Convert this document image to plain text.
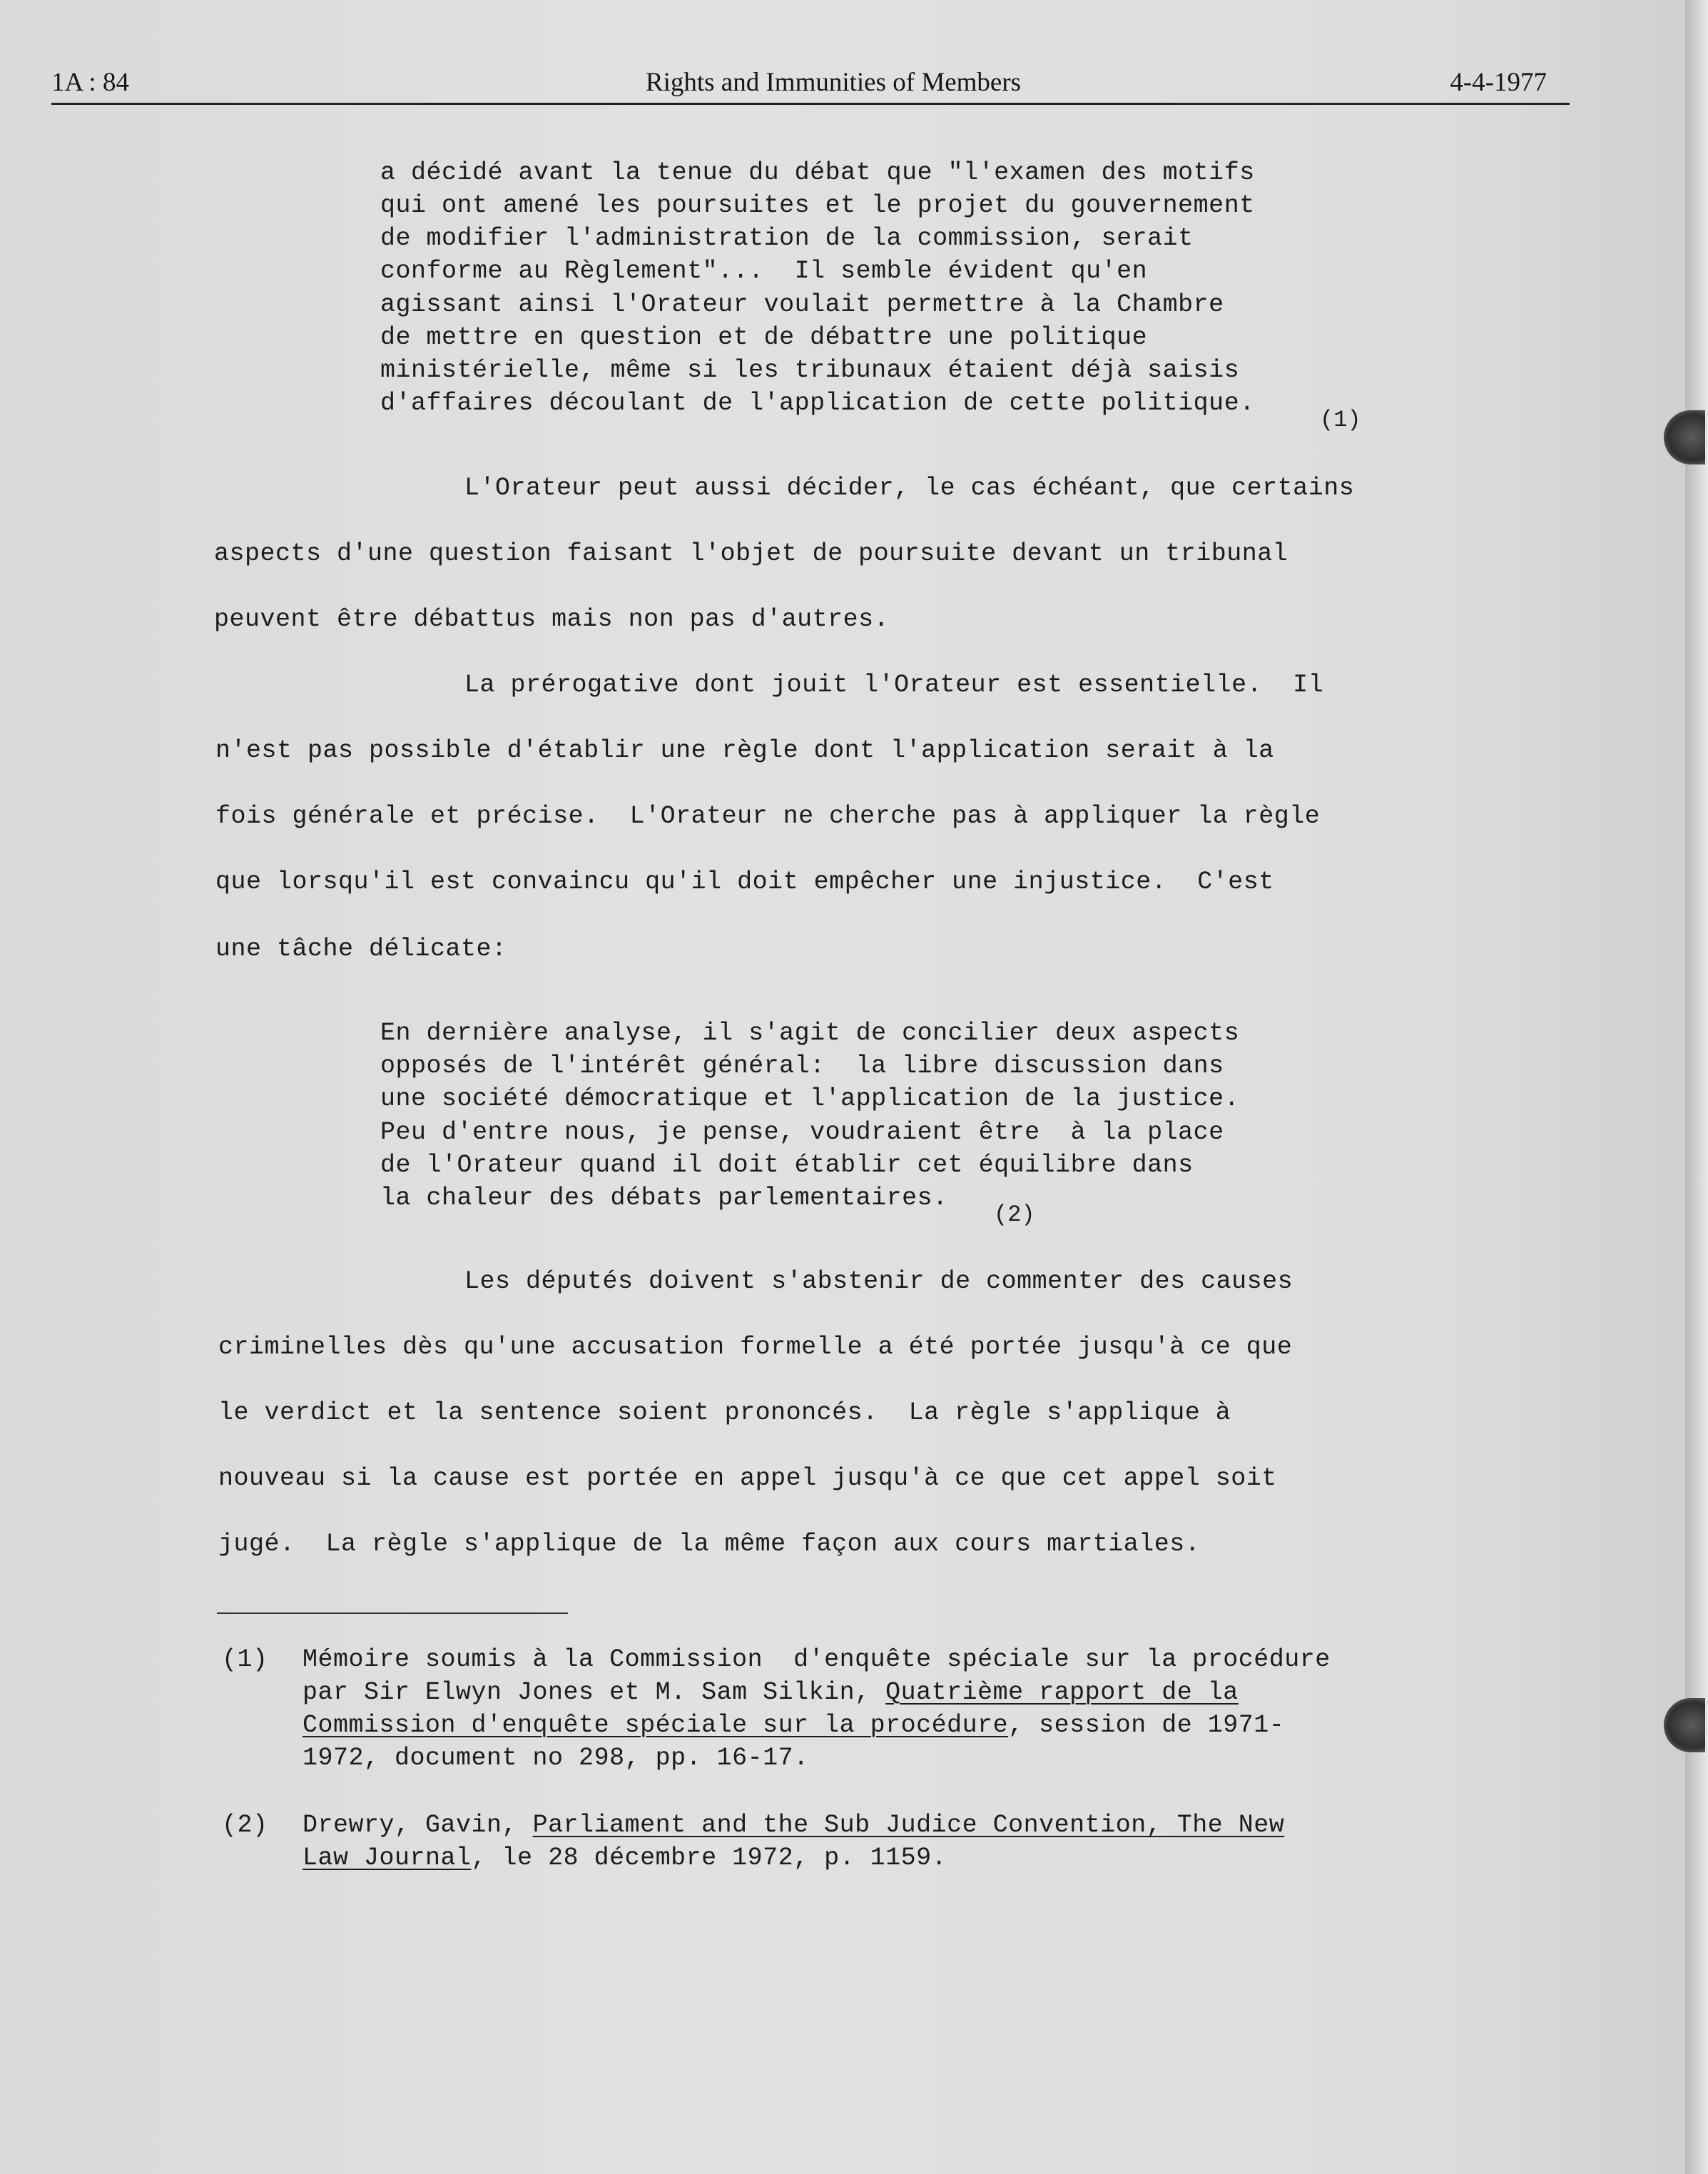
1A : 84	Rights and Immunities of Members	4-4-1977
a décidé avant la tenue du débat que "l'examen des motifs
qui ont amené les poursuites et le projet du gouvernement
de modifier l'administration de la commission, serait
conforme au Règlement"...  Il semble évident qu'en
agissant ainsi l'Orateur voulait permettre à la Chambre
de mettre en question et de débattre une politique
ministérielle, même si les tribunaux étaient déjà saisis
d'affaires découlant de l'application de cette politique.
(1)
L'Orateur peut aussi décider, le cas échéant, que certains
aspects d'une question faisant l'objet de poursuite devant un tribunal
peuvent être débattus mais non pas d'autres.
La prérogative dont jouit l'Orateur est essentielle.  Il
n'est pas possible d'établir une règle dont l'application serait à la
fois générale et précise.  L'Orateur ne cherche pas à appliquer la règle
que lorsqu'il est convaincu qu'il doit empêcher une injustice.  C'est
une tâche délicate:
En dernière analyse, il s'agit de concilier deux aspects
opposés de l'intérêt général:  la libre discussion dans
une société démocratique et l'application de la justice.
Peu d'entre nous, je pense, voudraient être  à la place
de l'Orateur quand il doit établir cet équilibre dans
la chaleur des débats parlementaires.
(2)
Les députés doivent s'abstenir de commenter des causes
criminelles dès qu'une accusation formelle a été portée jusqu'à ce que
le verdict et la sentence soient prononcés.  La règle s'applique à
nouveau si la cause est portée en appel jusqu'à ce que cet appel soit
jugé.  La règle s'applique de la même façon aux cours martiales.
(1) Mémoire soumis à la Commission  d'enquête spéciale sur la procédure
par Sir Elwyn Jones et M. Sam Silkin, Quatrième rapport de la
Commission d'enquête spéciale sur la procédure, session de 1971-
1972, document no 298, pp. 16-17.
(2) Drewry, Gavin, Parliament and the Sub Judice Convention, The New
Law Journal, le 28 décembre 1972, p. 1159.
